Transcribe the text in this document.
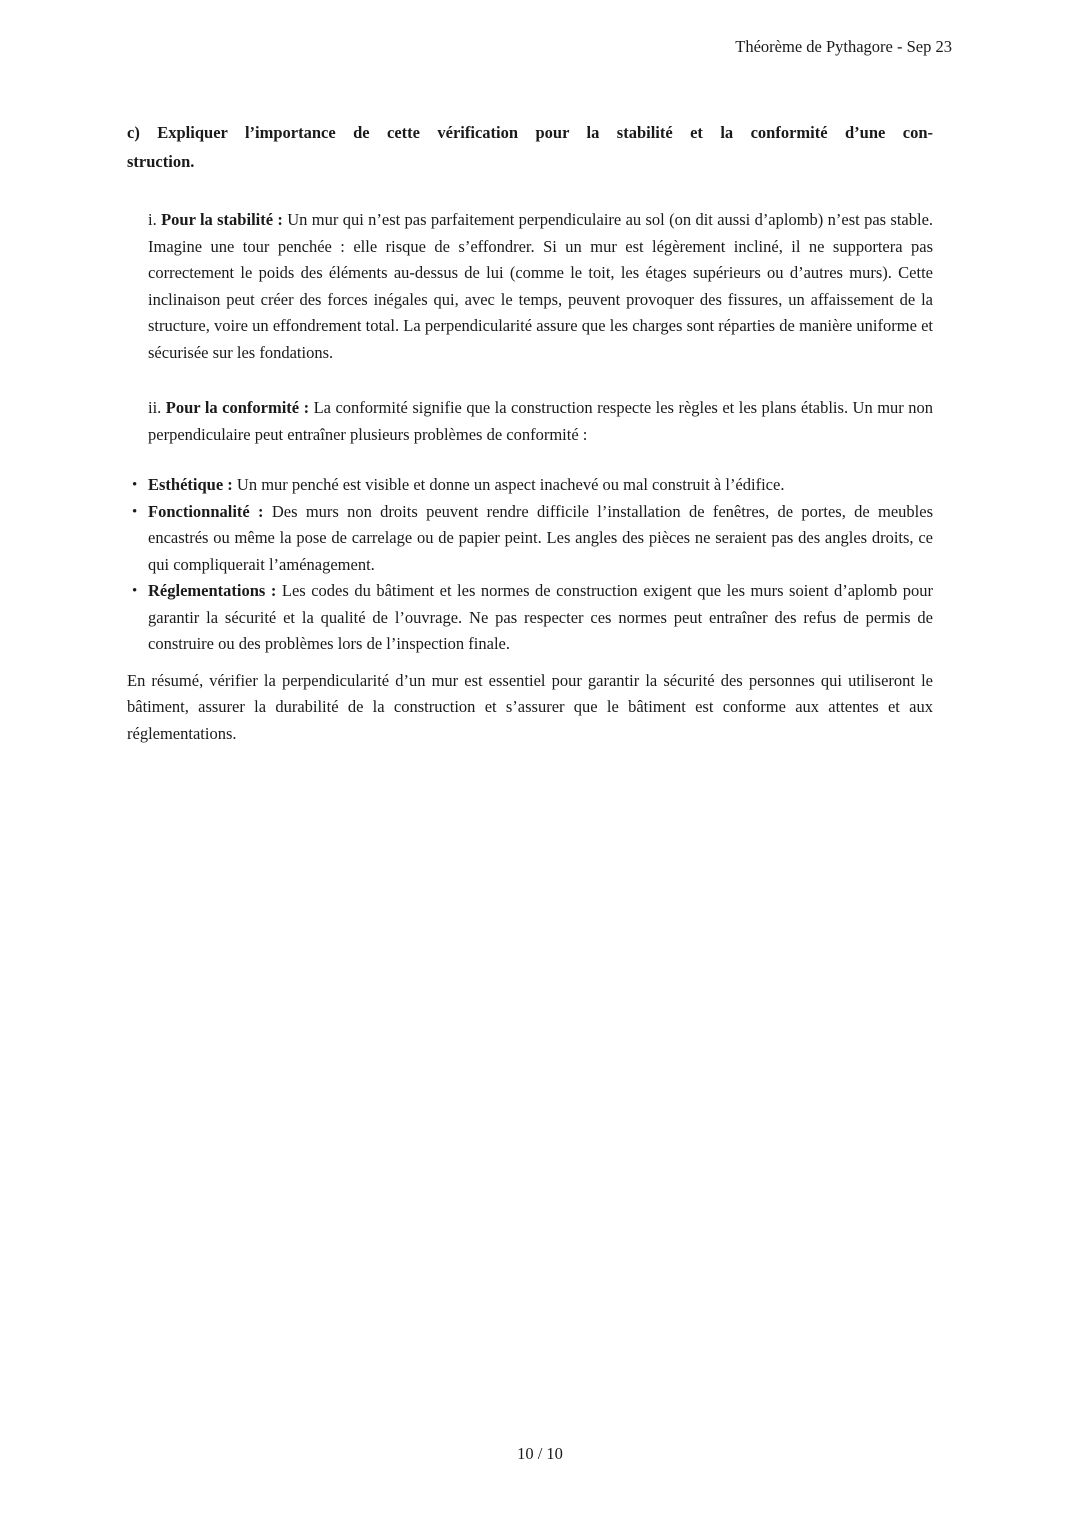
Théorème de Pythagore - Sep 23
c) Expliquer l’importance de cette vérification pour la stabilité et la conformité d’une con-
struction.

i. Pour la stabilité : Un mur qui n’est pas parfaitement perpendiculaire au sol (on dit aussi d’aplomb) n’est pas stable. Imagine une tour penchée : elle risque de s’effondrer. Si un mur est légèrement incliné, il ne supportera pas correctement le poids des éléments au-dessus de lui (comme le toit, les étages supérieurs ou d’autres murs). Cette inclinaison peut créer des forces inégales qui, avec le temps, peuvent provoquer des fissures, un affaissement de la structure, voire un effondrement total. La perpendicularité assure que les charges sont réparties de manière uniforme et sécurisée sur les fondations.

ii. Pour la conformité : La conformité signifie que la construction respecte les règles et les plans établis. Un mur non perpendiculaire peut entraîner plusieurs problèmes de conformité :

• Esthétique : Un mur penché est visible et donne un aspect inachevé ou mal construit à l’édifice.
• Fonctionnalité : Des murs non droits peuvent rendre difficile l’installation de fenêtres, de portes, de meubles encastrés ou même la pose de carrelage ou de papier peint. Les angles des pièces ne seraient pas des angles droits, ce qui compliquerait l’aménagement.
• Réglementations : Les codes du bâtiment et les normes de construction exigent que les murs soient d’aplomb pour garantir la sécurité et la qualité de l’ouvrage. Ne pas respecter ces normes peut entraîner des refus de permis de construire ou des problèmes lors de l’inspection finale.

En résumé, vérifier la perpendicularité d’un mur est essentiel pour garantir la sécurité des personnes qui utiliseront le bâtiment, assurer la durabilité de la construction et s’assurer que le bâtiment est conforme aux attentes et aux réglementations.

10 / 10
